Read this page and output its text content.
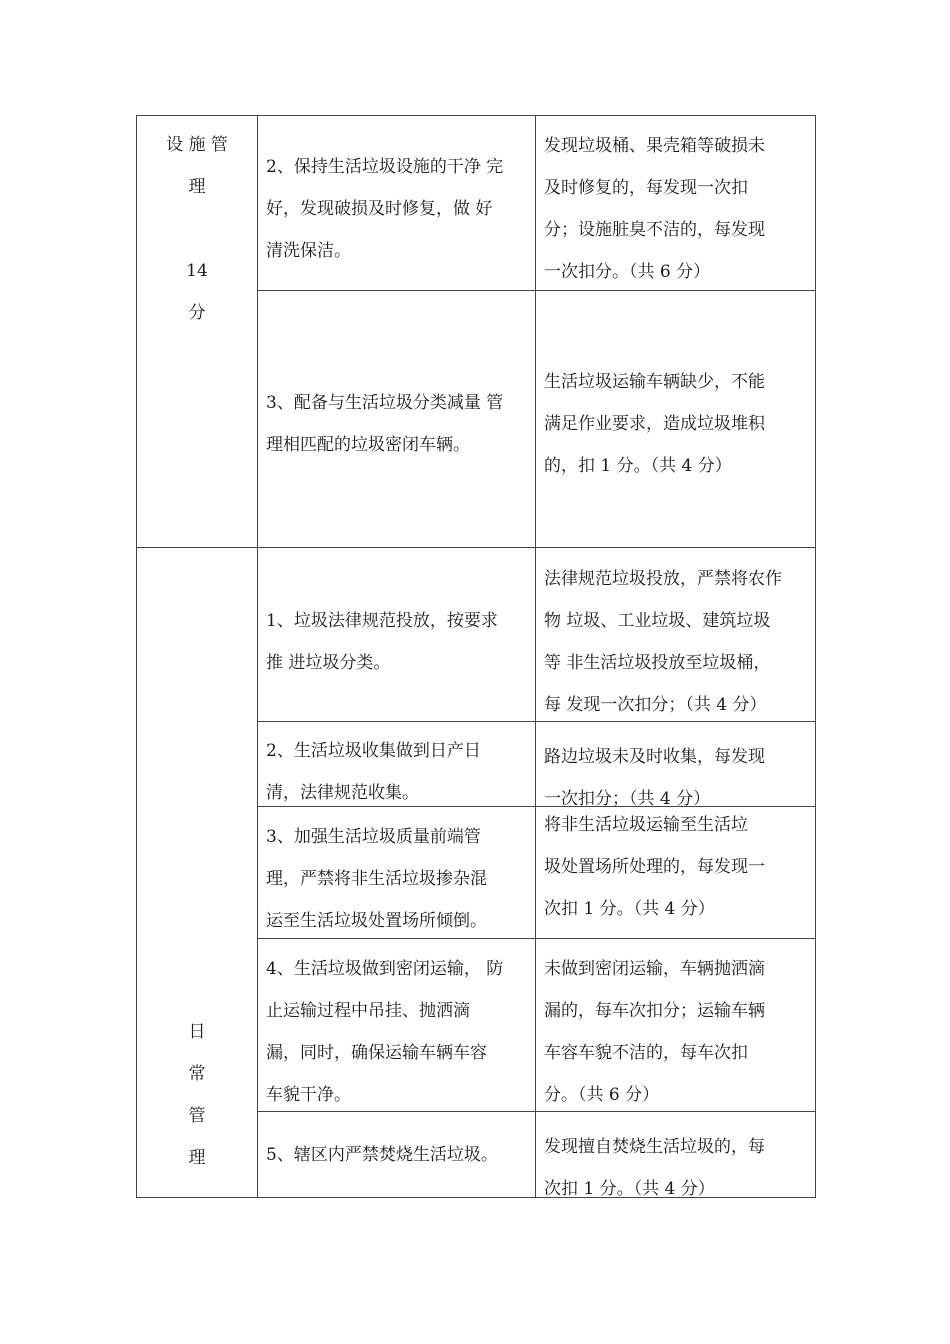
设 施 管
理
14
分
2、保持生活垃圾设施的干净 完
好，发现破损及时修复，做 好
清洗保洁。
发现垃圾桶、果壳箱等破损未
及时修复的，每发现一次扣
分；设施脏臭不洁的，每发现
一次扣分。（共 6 分）
3、配备与生活垃圾分类减量 管
理相匹配的垃圾密闭车辆。
生活垃圾运输车辆缺少，不能
满足作业要求，造成垃圾堆积
的，扣 1 分。（共 4 分）
日
常
管
理
1、垃圾法律规范投放，按要求
推 进垃圾分类。
法律规范垃圾投放，严禁将农作
物 垃圾、工业垃圾、建筑垃圾
等 非生活垃圾投放至垃圾桶，
每 发现一次扣分；（共 4 分）
2、生活垃圾收集做到日产日
清，法律规范收集。
路边垃圾未及时收集，每发现
一次扣分；（共 4 分）
3、加强生活垃圾质量前端管
理，严禁将非生活垃圾掺杂混
运至生活垃圾处置场所倾倒。
将非生活垃圾运输至生活垃
圾处置场所处理的，每发现一
次扣 1 分。（共 4 分）
4、生活垃圾做到密闭运输， 防
止运输过程中吊挂、抛洒滴
漏，同时，确保运输车辆车容
车貌干净。
未做到密闭运输，车辆抛洒滴
漏的，每车次扣分；运输车辆
车容车貌不洁的，每车次扣
分。（共 6 分）
5、辖区内严禁焚烧生活垃圾。	发现擅自焚烧生活垃圾的，每
次扣 1 分。（共 4 分）
